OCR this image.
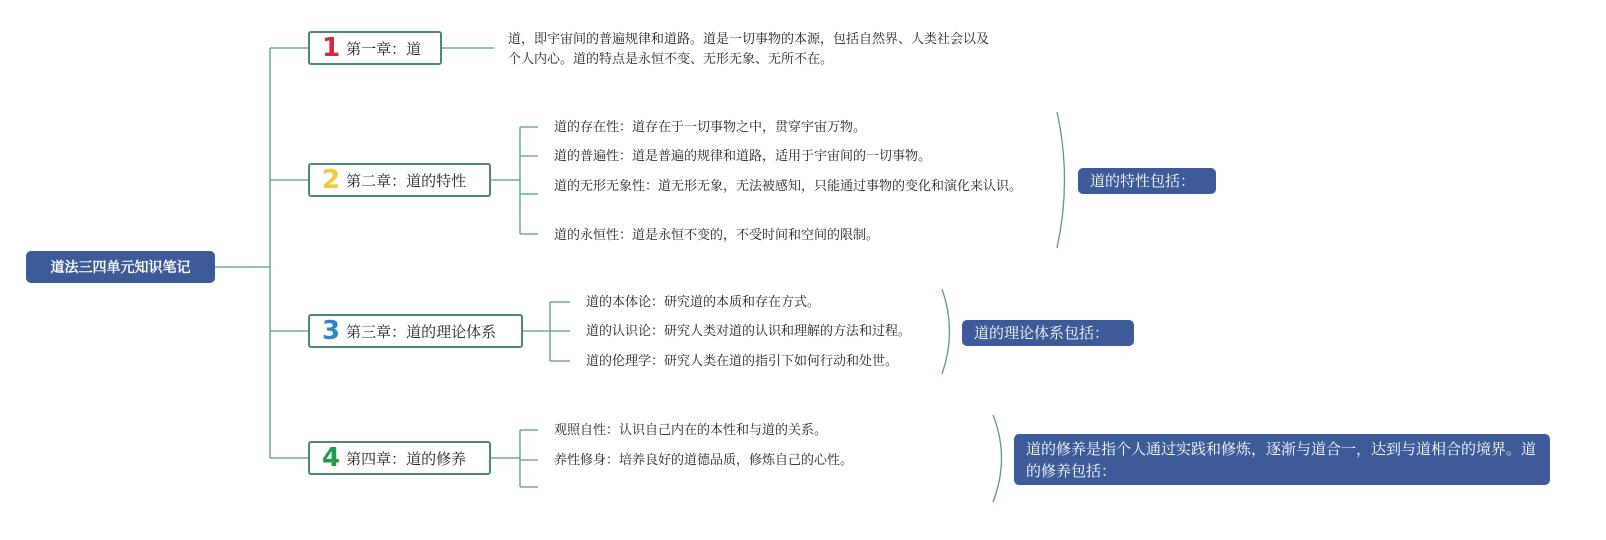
道法三四单元知识笔记
1 第一章：道	道，即宇宙间的普遍规律和道路。道是一切事物的本源，包括自然界、人类社会以及个人内心。道的特点是永恒不变、无形无象、无所不在。
2 第二章：道的特性
道的存在性：道存在于一切事物之中，贯穿宇宙万物。
道的普遍性：道是普遍的规律和道路，适用于宇宙间的一切事物。
道的无形无象性：道无形无象，无法被感知，只能通过事物的变化和演化来认识。
道的永恒性：道是永恒不变的，不受时间和空间的限制。
道的特性包括：
3 第三章：道的理论体系
道的本体论：研究道的本质和存在方式。
道的认识论：研究人类对道的认识和理解的方法和过程。
道的伦理学：研究人类在道的指引下如何行动和处世。
道的理论体系包括：
4 第四章：道的修养
观照自性：认识自己内在的本性和与道的关系。
养性修身：培养良好的道德品质，修炼自己的心性。
道的修养是指个人通过实践和修炼，逐渐与道合一，达到与道相合的境界。道的修养包括：
